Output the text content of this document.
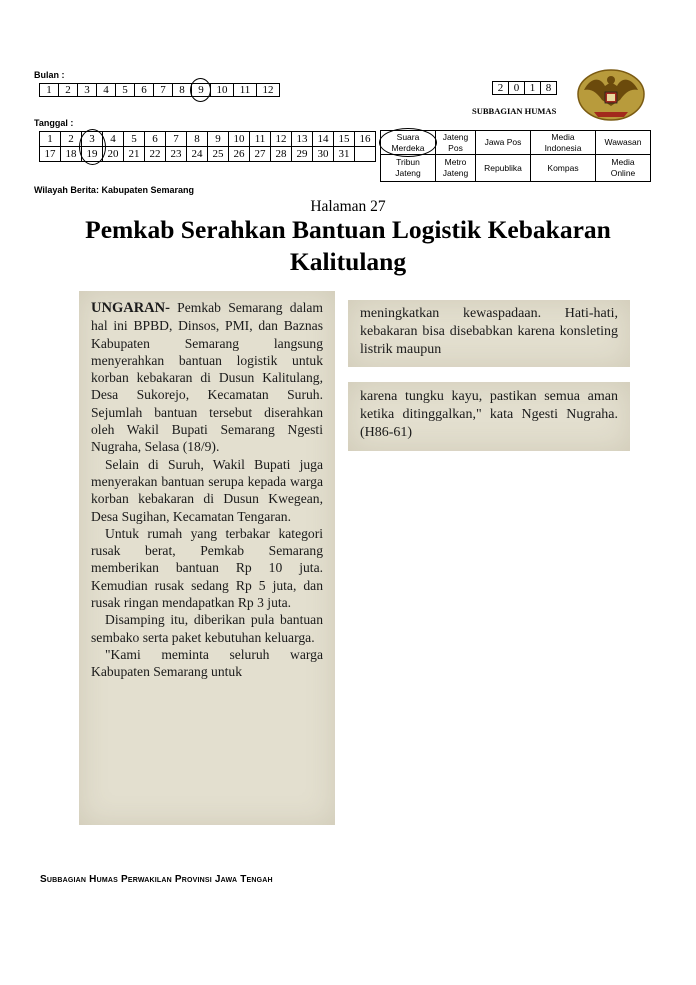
Bulan :
1	2	3	4	5	6	7	8	9	10	11	12
Tanggal :
1	2	3	4	5	6	7	8	9	10	11	12	13	14	15	16
17	18	19	20	21	22	23	24	25	26	27	28	29	30	31	
Wilayah Berita: Kabupaten Semarang
2	0	1	8
SUBBAGIAN HUMAS
Suara Merdeka	Jateng Pos	Jawa Pos	Media Indonesia	Wawasan
Tribun Jateng	Metro Jateng	Republika	Kompas	Media Online
Halaman 27
Pemkab Serahkan Bantuan Logistik Kebakaran Kalitulang

UNGARAN- Pemkab Semarang dalam hal ini BPBD, Dinsos, PMI, dan Baznas Kabupaten Semarang langsung menyerahkan bantuan logistik untuk korban kebakaran di Dusun Kalitulang, Desa Sukorejo, Kecamatan Suruh. Sejumlah bantuan tersebut diserahkan oleh Wakil Bupati Semarang Ngesti Nugraha, Selasa (18/9).

Selain di Suruh, Wakil Bupati juga menyerakan bantuan serupa kepada warga korban kebakaran di Dusun Kwegean, Desa Sugihan, Kecamatan Tengaran.

Untuk rumah yang terbakar kategori rusak berat, Pemkab Semarang memberikan bantuan Rp 10 juta. Kemudian rusak sedang Rp 5 juta, dan rusak ringan mendapatkan Rp 3 juta.

Disamping itu, diberikan pula bantuan sembako serta paket kebutuhan keluarga.

"Kami meminta seluruh warga Kabupaten Semarang untuk

meningkatkan kewaspadaan. Hati-hati, kebakaran bisa disebabkan karena konsleting listrik maupun

karena tungku kayu, pastikan semua aman ketika ditinggalkan," kata Ngesti Nugraha. (H86-61)

Subbagian Humas Perwakilan Provinsi Jawa Tengah
